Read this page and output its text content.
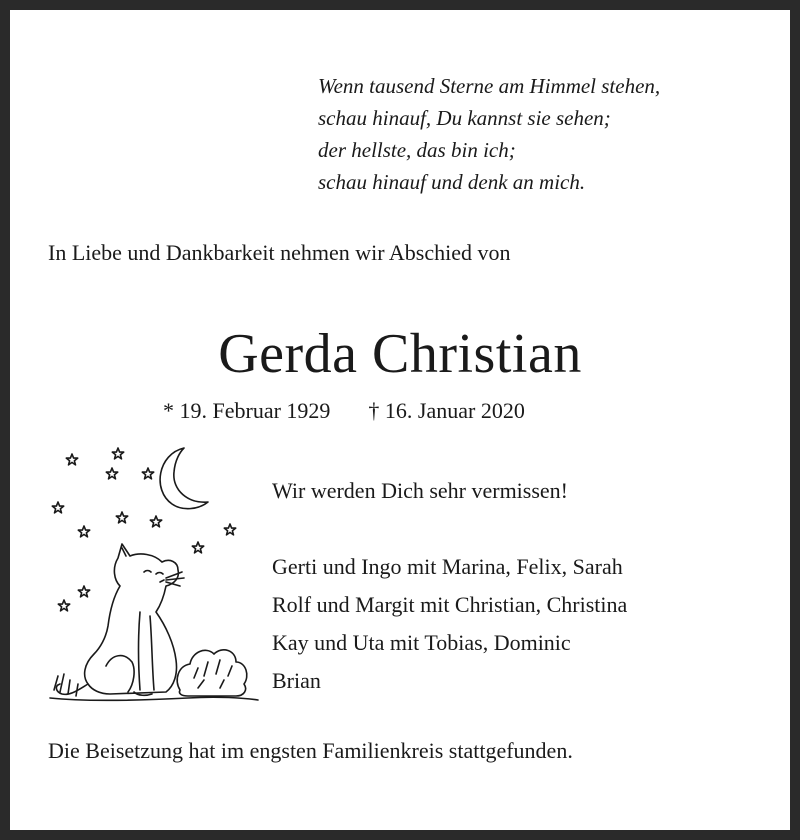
Wenn tausend Sterne am Himmel stehen,
schau hinauf, Du kannst sie sehen;
der hellste, das bin ich;
schau hinauf und denk an mich.
In Liebe und Dankbarkeit nehmen wir Abschied von
Gerda Christian
* 19. Februar 1929 † 16. Januar 2020
Wir werden Dich sehr vermissen!
Gerti und Ingo mit Marina, Felix, Sarah
Rolf und Margit mit Christian, Christina
Kay und Uta mit Tobias, Dominic
Brian
Die Beisetzung hat im engsten Familienkreis stattgefunden.
